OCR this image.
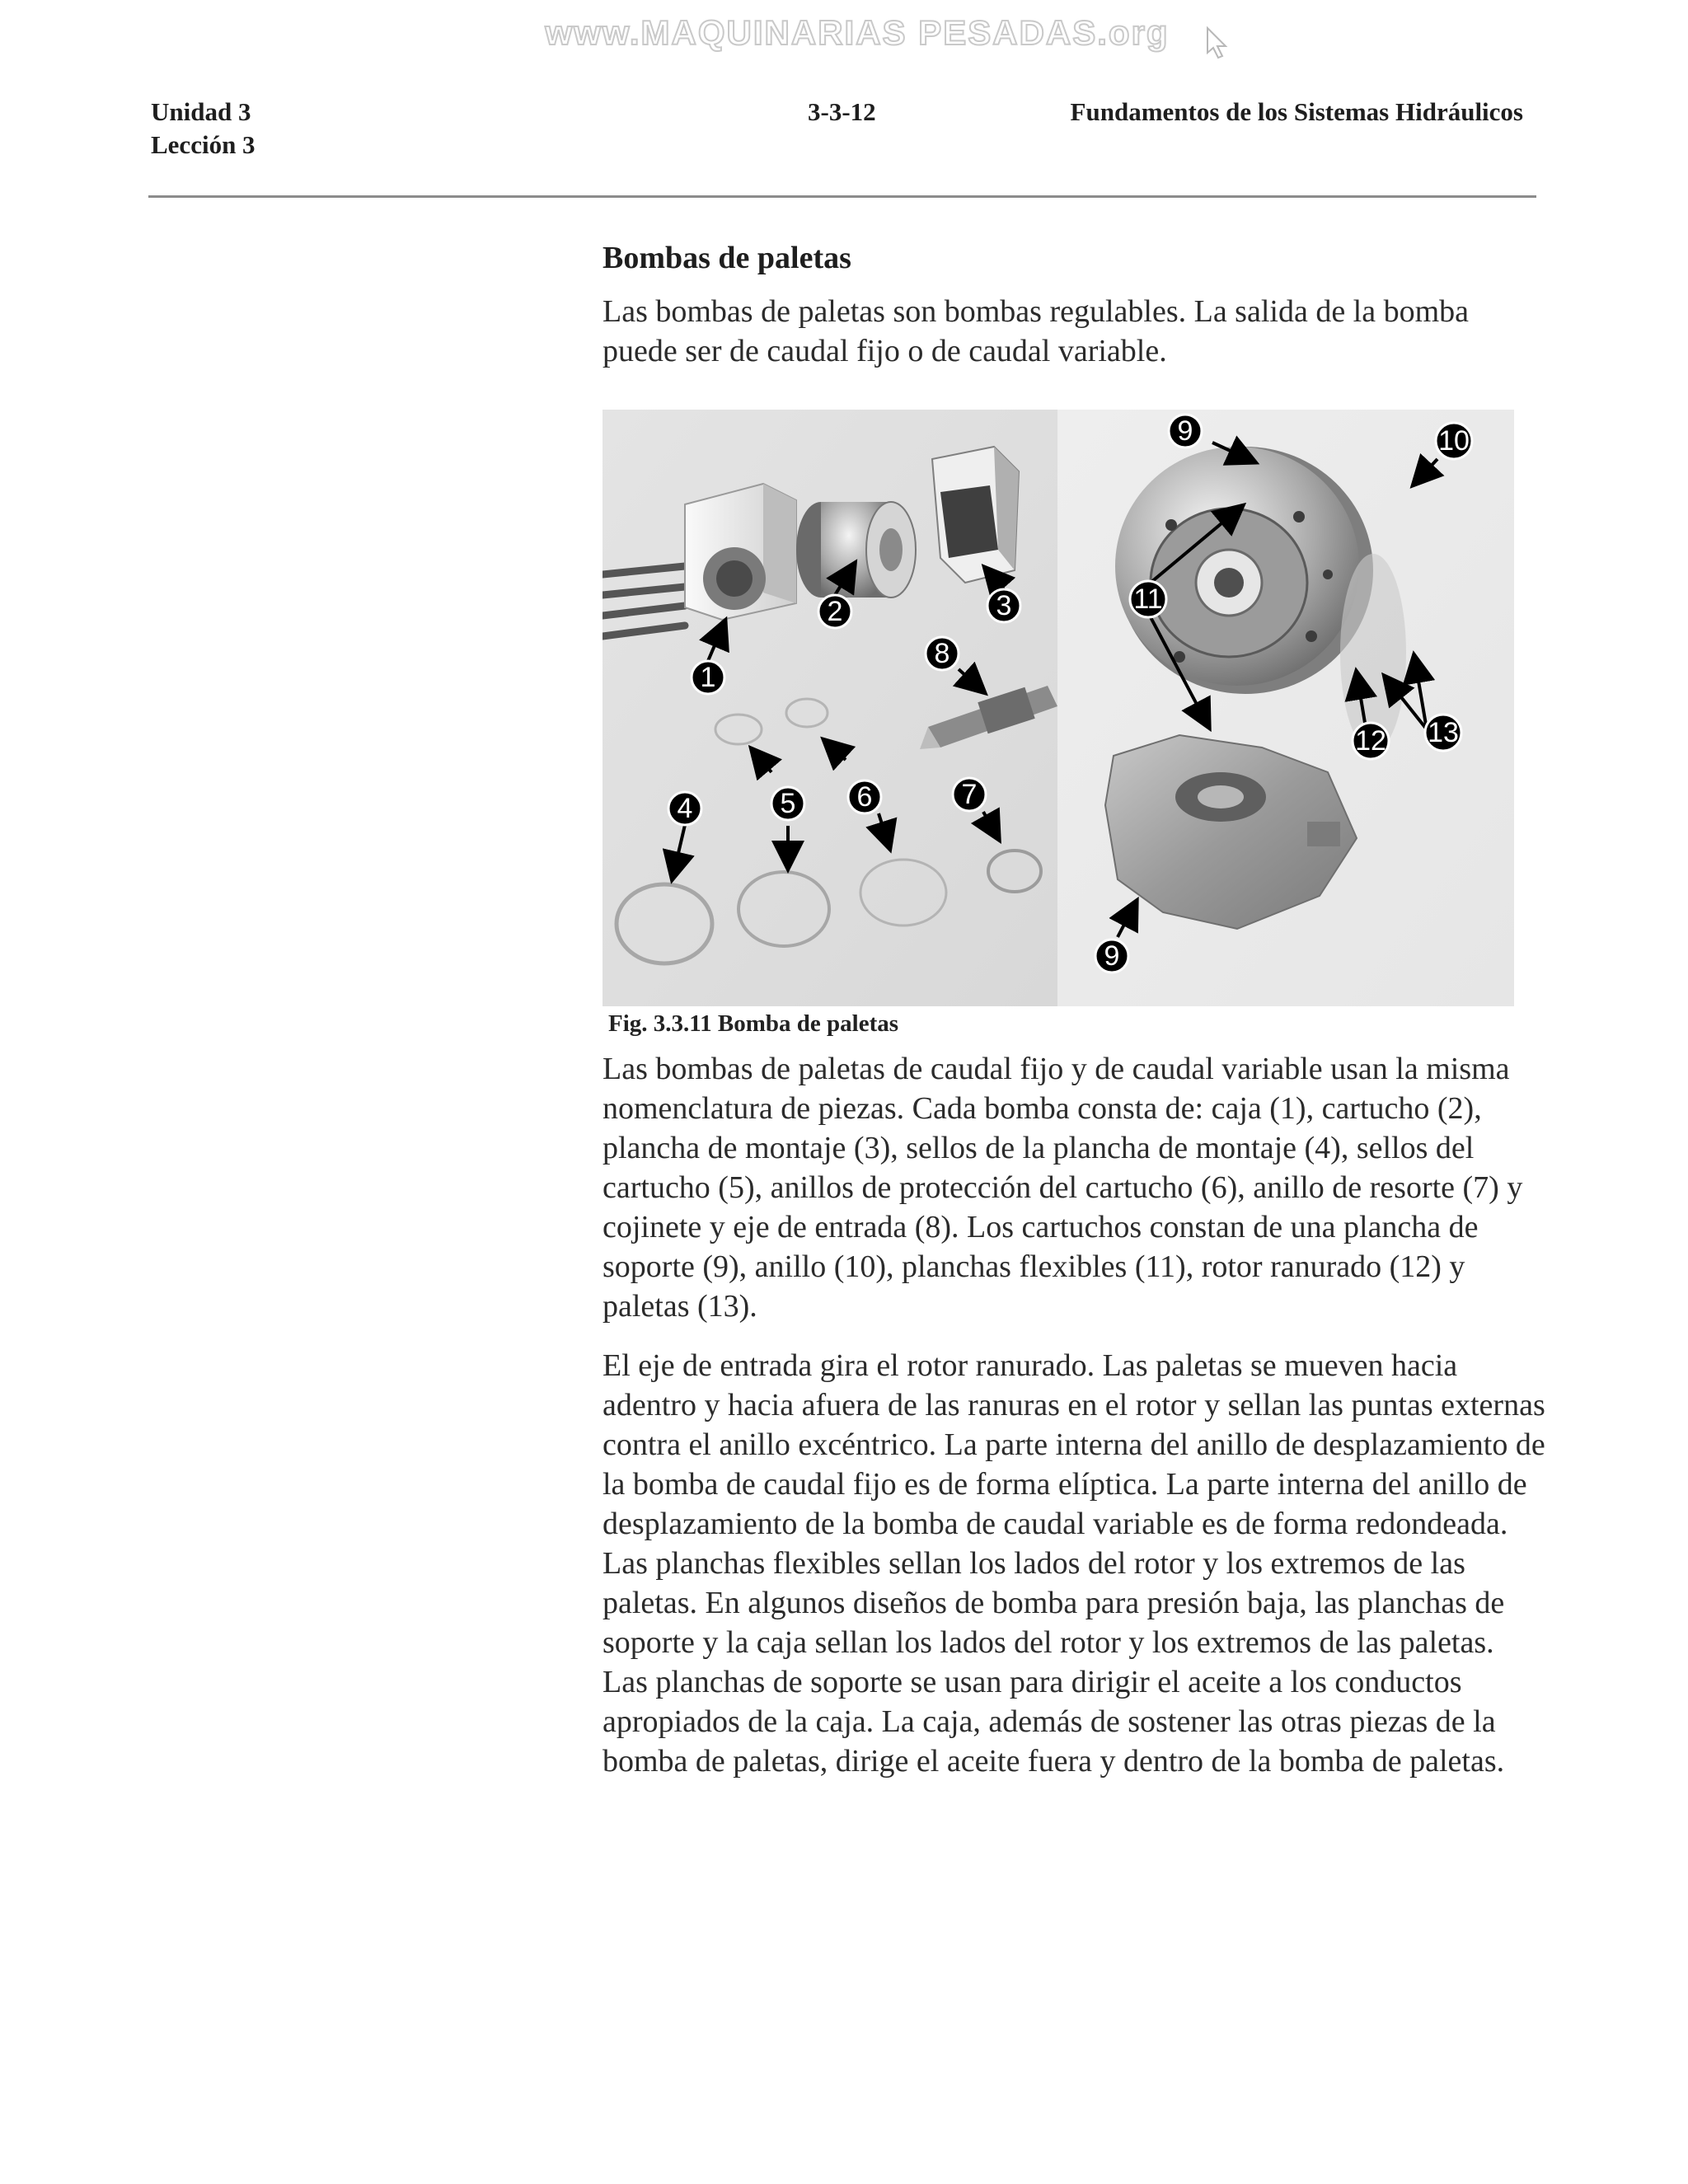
www.MAQUINARIAS PESADAS.org
Unidad 3
Lección 3
3-3-12	Fundamentos de los Sistemas Hidráulicos
Bombas de paletas

Las bombas de paletas son bombas regulables. La salida de la bomba puede ser de caudal fijo o de caudal variable.

1
2	3
4	5 6	7
8
9	10
11
12 13
9
Fig. 3.3.11 Bomba de paletas

Las bombas de paletas de caudal fijo y de caudal variable usan la misma nomenclatura de piezas. Cada bomba consta de: caja (1), cartucho (2), plancha de montaje (3), sellos de la plancha de montaje (4), sellos del cartucho (5), anillos de protección del cartucho (6), anillo de resorte (7) y cojinete y eje de entrada (8). Los cartuchos constan de una plancha de soporte (9), anillo (10), planchas flexibles (11), rotor ranurado (12) y paletas (13).

El eje de entrada gira el rotor ranurado. Las paletas se mueven hacia adentro y hacia afuera de las ranuras en el rotor y sellan las puntas externas contra el anillo excéntrico. La parte interna del anillo de desplazamiento de la bomba de caudal fijo es de forma elíptica. La parte interna del anillo de desplazamiento de la bomba de caudal variable es de forma redondeada. Las planchas flexibles sellan los lados del rotor y los extremos de las paletas. En algunos diseños de bomba para presión baja, las planchas de soporte y la caja sellan los lados del rotor y los extremos de las paletas. Las planchas de soporte se usan para dirigir el aceite a los conductos apropiados de la caja. La caja, además de sostener las otras piezas de la bomba de paletas, dirige el aceite fuera y dentro de la bomba de paletas.
